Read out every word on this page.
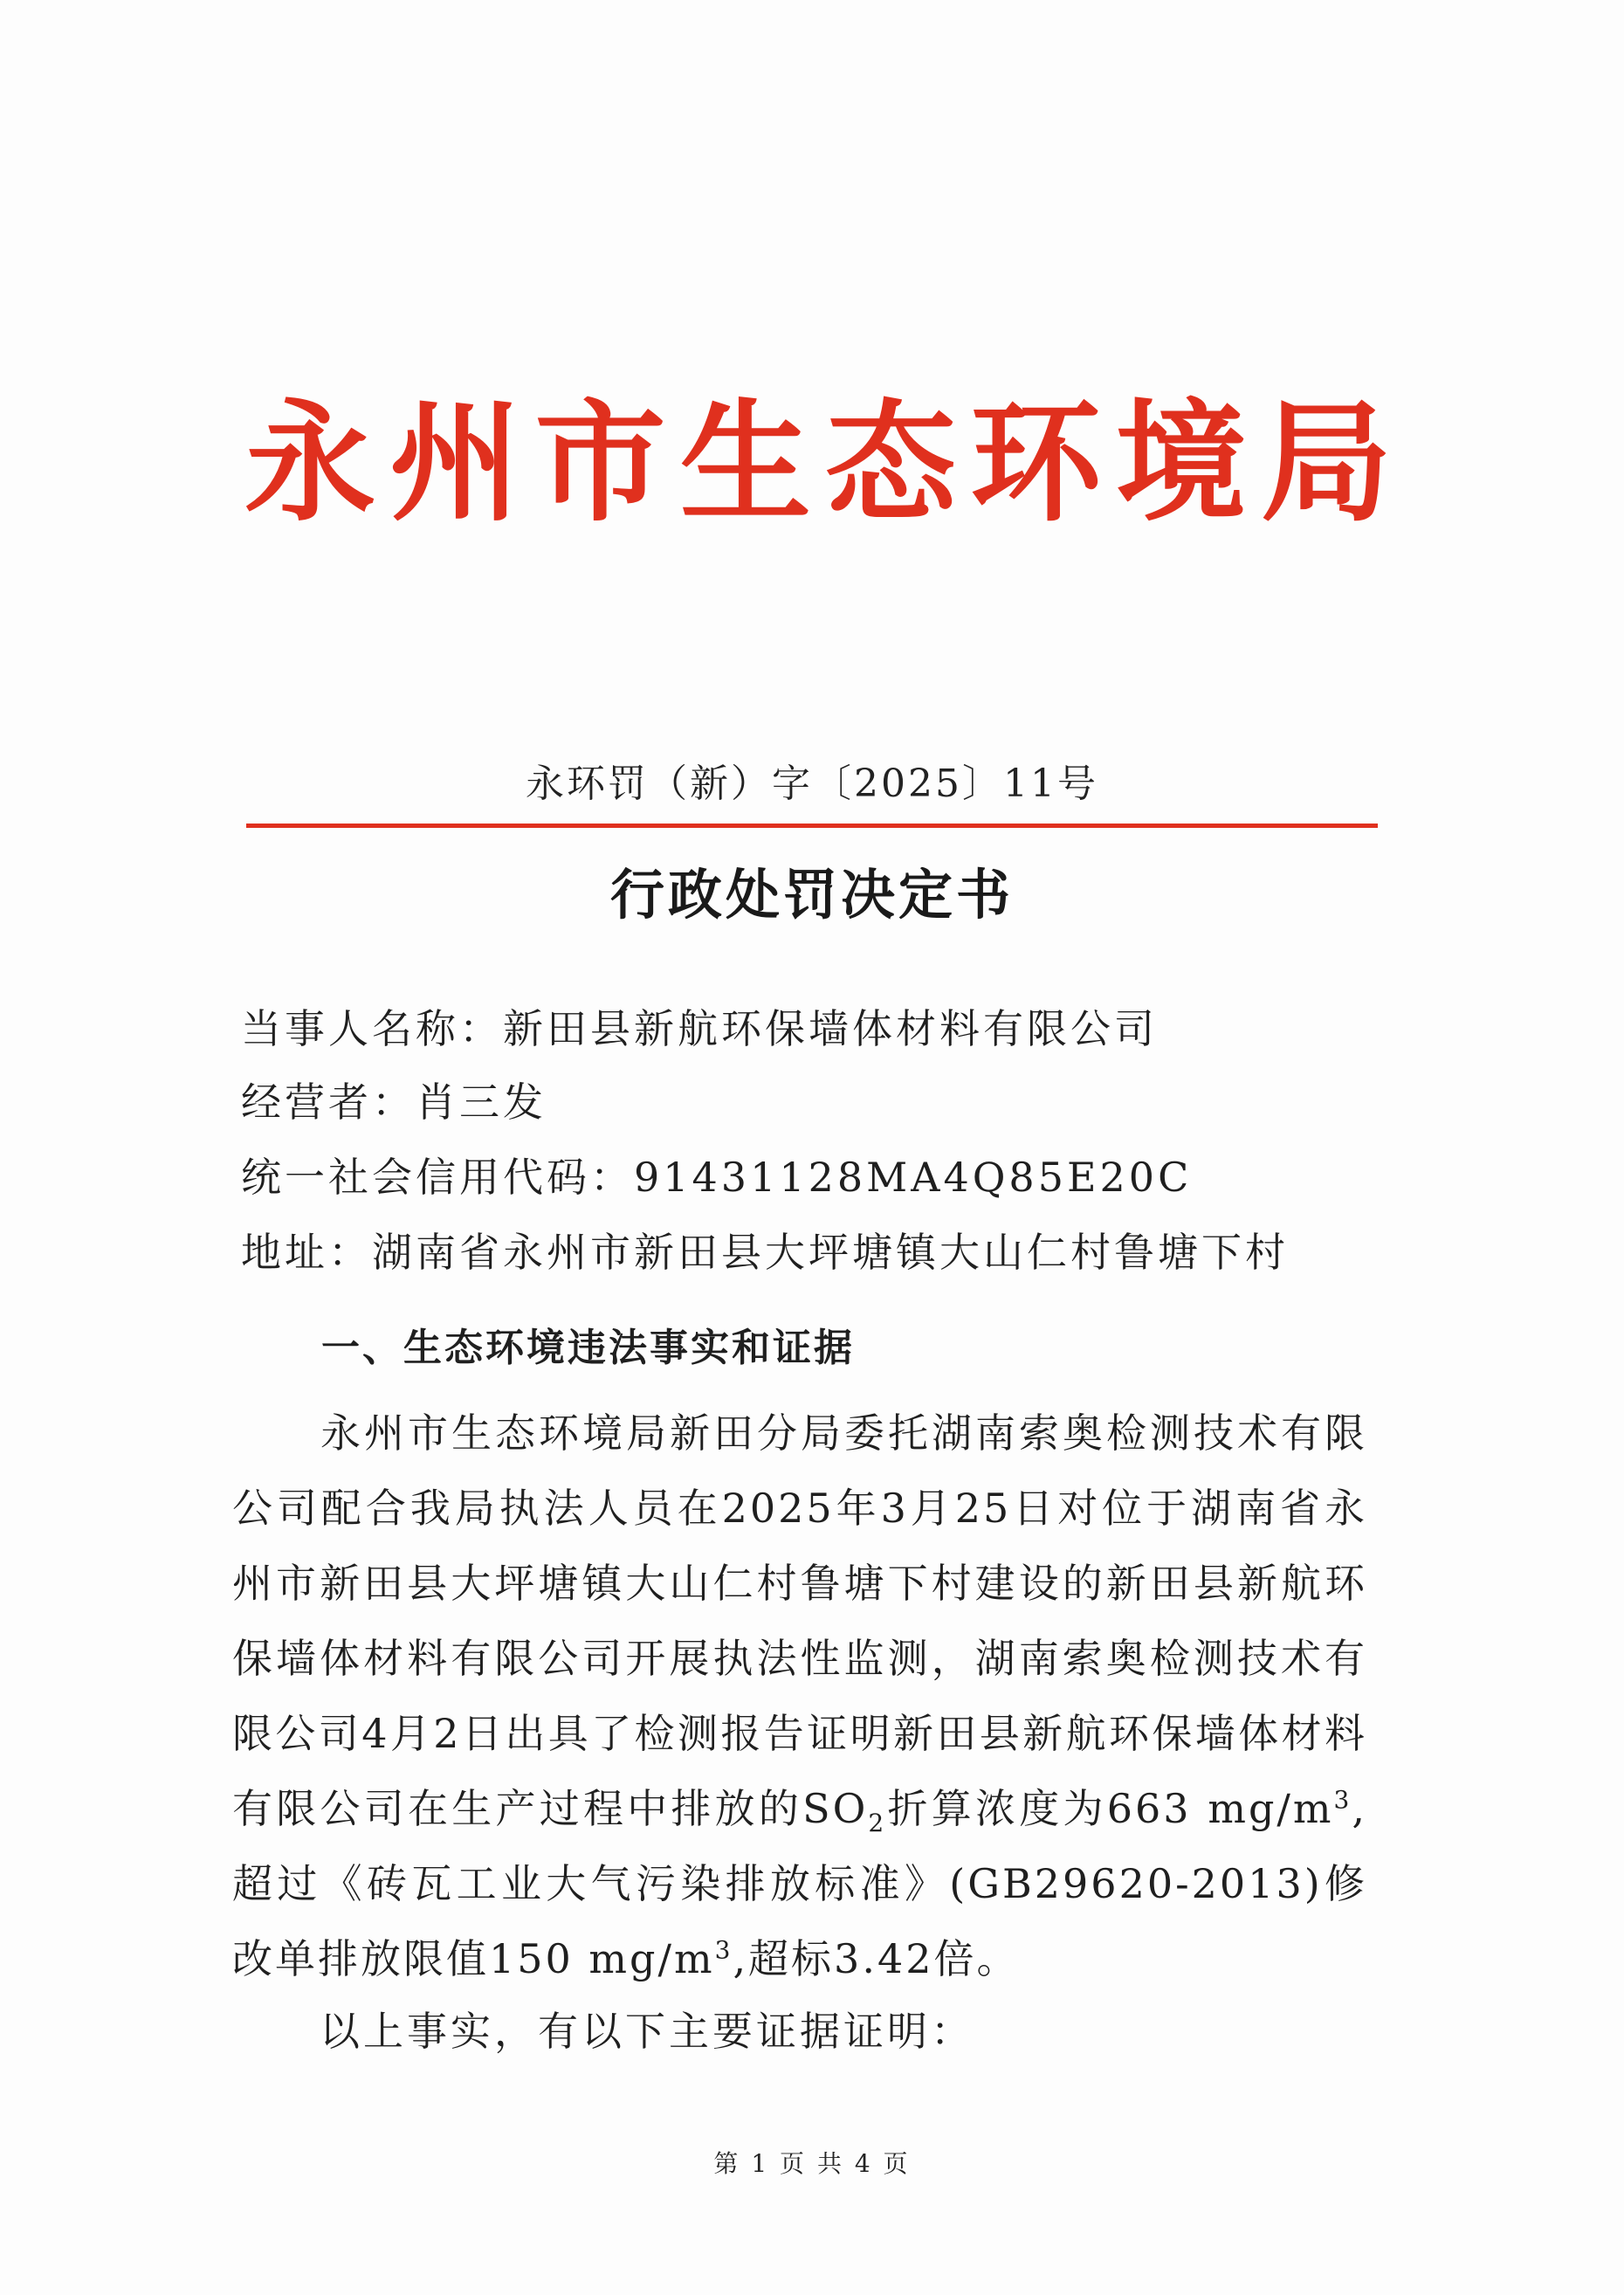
永州市生态环境局
永环罚（新）字〔2025〕11号
行政处罚决定书
当事人名称：新田县新航环保墙体材料有限公司
经营者：肖三发
统一社会信用代码：91431128MA4Q85E20C
地址：湖南省永州市新田县大坪塘镇大山仁村鲁塘下村
一、生态环境违法事实和证据
永州市生态环境局新田分局委托湖南索奥检测技术有限公司配合我局执法人员在2025年3月25日对位于湖南省永州市新田县大坪塘镇大山仁村鲁塘下村建设的新田县新航环保墙体材料有限公司开展执法性监测，湖南索奥检测技术有限公司4月2日出具了检测报告证明新田县新航环保墙体材料有限公司在生产过程中排放的$SO_2$折算浓度为663 $mg/m^3$,超过《砖瓦工业大气污染排放标准》(GB29620-2013)修改单排放限值150 $mg/m^3$,超标3.42倍。
以上事实，有以下主要证据证明：
第 1 页 共 4 页
